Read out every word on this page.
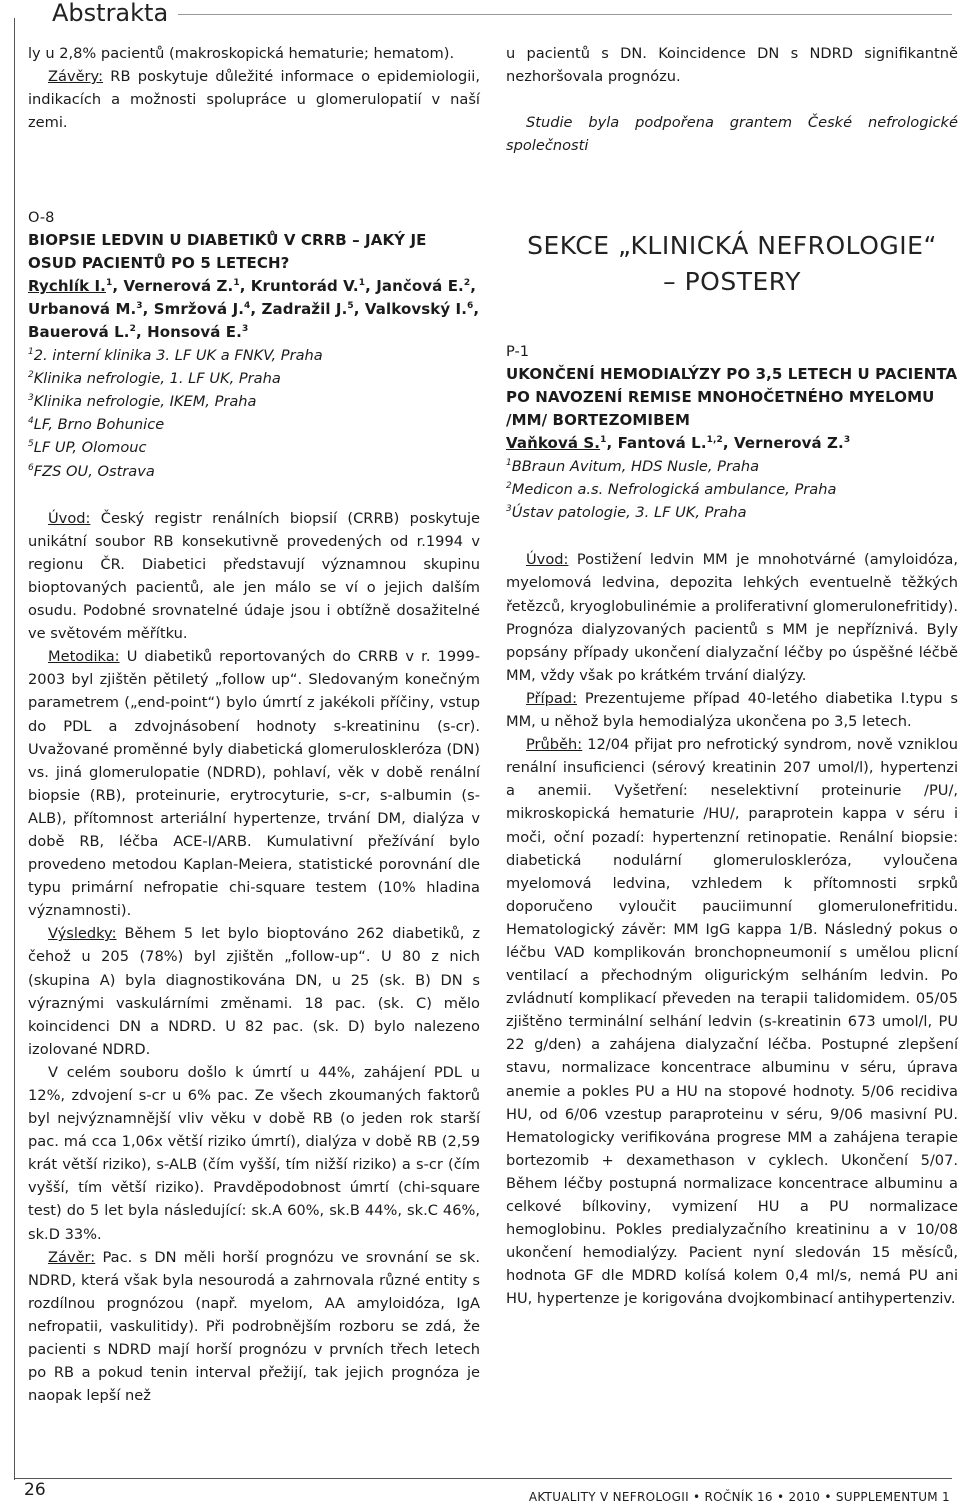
Abstrakta

ly u 2,8% pacientů (makroskopická hematurie; hematom).

Závěry: RB poskytuje důležité informace o epidemiologii, indikacích a možnosti spolupráce u glomerulopatií v naší zemi.

u pacientů s DN. Koincidence DN s NDRD signifikantně nezhoršovala prognózu.

Studie byla podpořena grantem České nefrologické společnosti

O-8
BIOPSIE LEDVIN U DIABETIKŮ V CRRB – JAKÝ JE OSUD PACIENTŮ PO 5 LETECH?
Rychlík I.$^1$, Vernerová Z.$^1$, Kruntorád V.$^1$, Jančová E.$^2$, Urbanová M.$^3$, Smržová J.$^4$, Zadražil J.$^5$, Valkovský I.$^6$, Bauerová L.$^2$, Honsová E.$^3$
$^1$2. interní klinika 3. LF UK a FNKV, Praha
$^2$Klinika nefrologie, 1. LF UK, Praha
$^3$Klinika nefrologie, IKEM, Praha
$^4$LF, Brno Bohunice
$^5$LF UP, Olomouc
$^6$FZS OU, Ostrava

Úvod: Český registr renálních biopsií (CRRB) poskytuje unikátní soubor RB konsekutivně provedených od r.1994 v regionu ČR. Diabetici představují významnou skupinu bioptovaných pacientů, ale jen málo se ví o jejich dalším osudu. Podobné srovnatelné údaje jsou i obtížně dosažitelné ve světovém měřítku.

Metodika: U diabetiků reportovaných do CRRB v r. 1999-2003 byl zjištěn pětiletý „follow up“. Sledovaným konečným parametrem („end-point“) bylo úmrtí z jakékoli příčiny, vstup do PDL a zdvojnásobení hodnoty s-kreatininu (s-cr). Uvažované proměnné byly diabetická glomeruloskleróza (DN) vs. jiná glomerulopatie (NDRD), pohlaví, věk v době renální biopsie (RB), proteinurie, erytrocyturie, s-cr, s-albumin (s-ALB), přítomnost arteriální hypertenze, trvání DM, dialýza v době RB, léčba ACE-I/ARB. Kumulativní přežívání bylo provedeno metodou Kaplan-Meiera, statistické porovnání dle typu primární nefropatie chi-square testem (10% hladina významnosti).

Výsledky: Během 5 let bylo bioptováno 262 diabetiků, z čehož u 205 (78%) byl zjištěn „follow-up“. U 80 z nich (skupina A) byla diagnostikována DN, u 25 (sk. B) DN s výraznými vaskulárními změnami. 18 pac. (sk. C) mělo koincidenci DN a NDRD. U 82 pac. (sk. D) bylo nalezeno izolované NDRD.

V celém souboru došlo k úmrtí u 44%, zahájení PDL u 12%, zdvojení s-cr u 6% pac. Ze všech zkoumaných faktorů byl nejvýznamnější vliv věku v době RB (o jeden rok starší pac. má cca 1,06x větší riziko úmrtí), dialýza v době RB (2,59 krát větší riziko), s-ALB (čím vyšší, tím nižší riziko) a s-cr (čím vyšší, tím větší riziko). Pravděpodobnost úmrtí (chi-square test) do 5 let byla následující: sk.A 60%, sk.B 44%, sk.C 46%, sk.D 33%.

Závěr: Pac. s DN měli horší prognózu ve srovnání se sk. NDRD, která však byla nesourodá a zahrnovala různé entity s rozdílnou prognózou (např. myelom, AA amyloidóza, IgA nefropatii, vaskulitidy). Při podrobnějším rozboru se zdá, že pacienti s NDRD mají horší prognózu v prvních třech letech po RB a pokud tenin interval přežijí, tak jejich prognóza je naopak lepší než

SEKCE „KLINICKÁ NEFROLOGIE“
– POSTERY
P-1
UKONČENÍ HEMODIALÝZY PO 3,5 LETECH U PACIENTA PO NAVOZENÍ REMISE MNOHOČETNÉHO MYELOMU /MM/ BORTEZOMIBEM
Vaňková S.$^1$, Fantová L.$^{1,2}$, Vernerová Z.$^3$
$^1$BBraun Avitum, HDS Nusle, Praha
$^2$Medicon a.s. Nefrologická ambulance, Praha
$^3$Ústav patologie, 3. LF UK, Praha

Úvod: Postižení ledvin MM je mnohotvárné (amyloidóza, myelomová ledvina, depozita lehkých eventuelně těžkých řetězců, kryoglobulinémie a proliferativní glomerulonefritidy). Prognóza dialyzovaných pacientů s MM je nepříznivá. Byly popsány případy ukončení dialyzační léčby po úspěšné léčbě MM, vždy však po krátkém trvání dialýzy.

Případ: Prezentujeme případ 40-letého diabetika I.typu s MM, u něhož byla hemodialýza ukončena po 3,5 letech.

Průběh: 12/04 přijat pro nefrotický syndrom, nově vzniklou renální insuficienci (sérový kreatinin 207 umol/l), hypertenzi a anemii. Vyšetření: neselektivní proteinurie /PU/, mikroskopická hematurie /HU/, paraprotein kappa v séru i moči, oční pozadí: hypertenzní retinopatie. Renální biopsie: diabetická nodulární glomeruloskleróza, vyloučena myelomová ledvina, vzhledem k přítomnosti srpků doporučeno vyloučit pauciimunní glomerulonefritidu. Hematologický závěr: MM IgG kappa 1/B. Následný pokus o léčbu VAD komplikován bronchopneumonií s umělou plicní ventilací a přechodným oligurickým selháním ledvin. Po zvládnutí komplikací převeden na terapii talidomidem. 05/05 zjištěno terminální selhání ledvin (s-kreatinin 673 umol/l, PU 22 g/den) a zahájena dialyzační léčba. Postupné zlepšení stavu, normalizace koncentrace albuminu v séru, úprava anemie a pokles PU a HU na stopové hodnoty. 5/06 recidiva HU, od 6/06 vzestup paraproteinu v séru, 9/06 masivní PU. Hematologicky verifikována progrese MM a zahájena terapie bortezomib + dexamethason v cyklech. Ukončení 5/07. Během léčby postupná normalizace koncentrace albuminu a celkové bílkoviny, vymizení HU a PU normalizace hemoglobinu. Pokles predialyzačního kreatininu a v 10/08 ukončení hemodialýzy. Pacient nyní sledován 15 měsíců, hodnota GF dle MDRD kolísá kolem 0,4 ml/s, nemá PU ani HU, hypertenze je korigována dvojkombinací antihypertenziv.

26	AKTUALITY V NEFROLOGII • ROČNÍK 16 • 2010 • SUPPLEMENTUM 1
